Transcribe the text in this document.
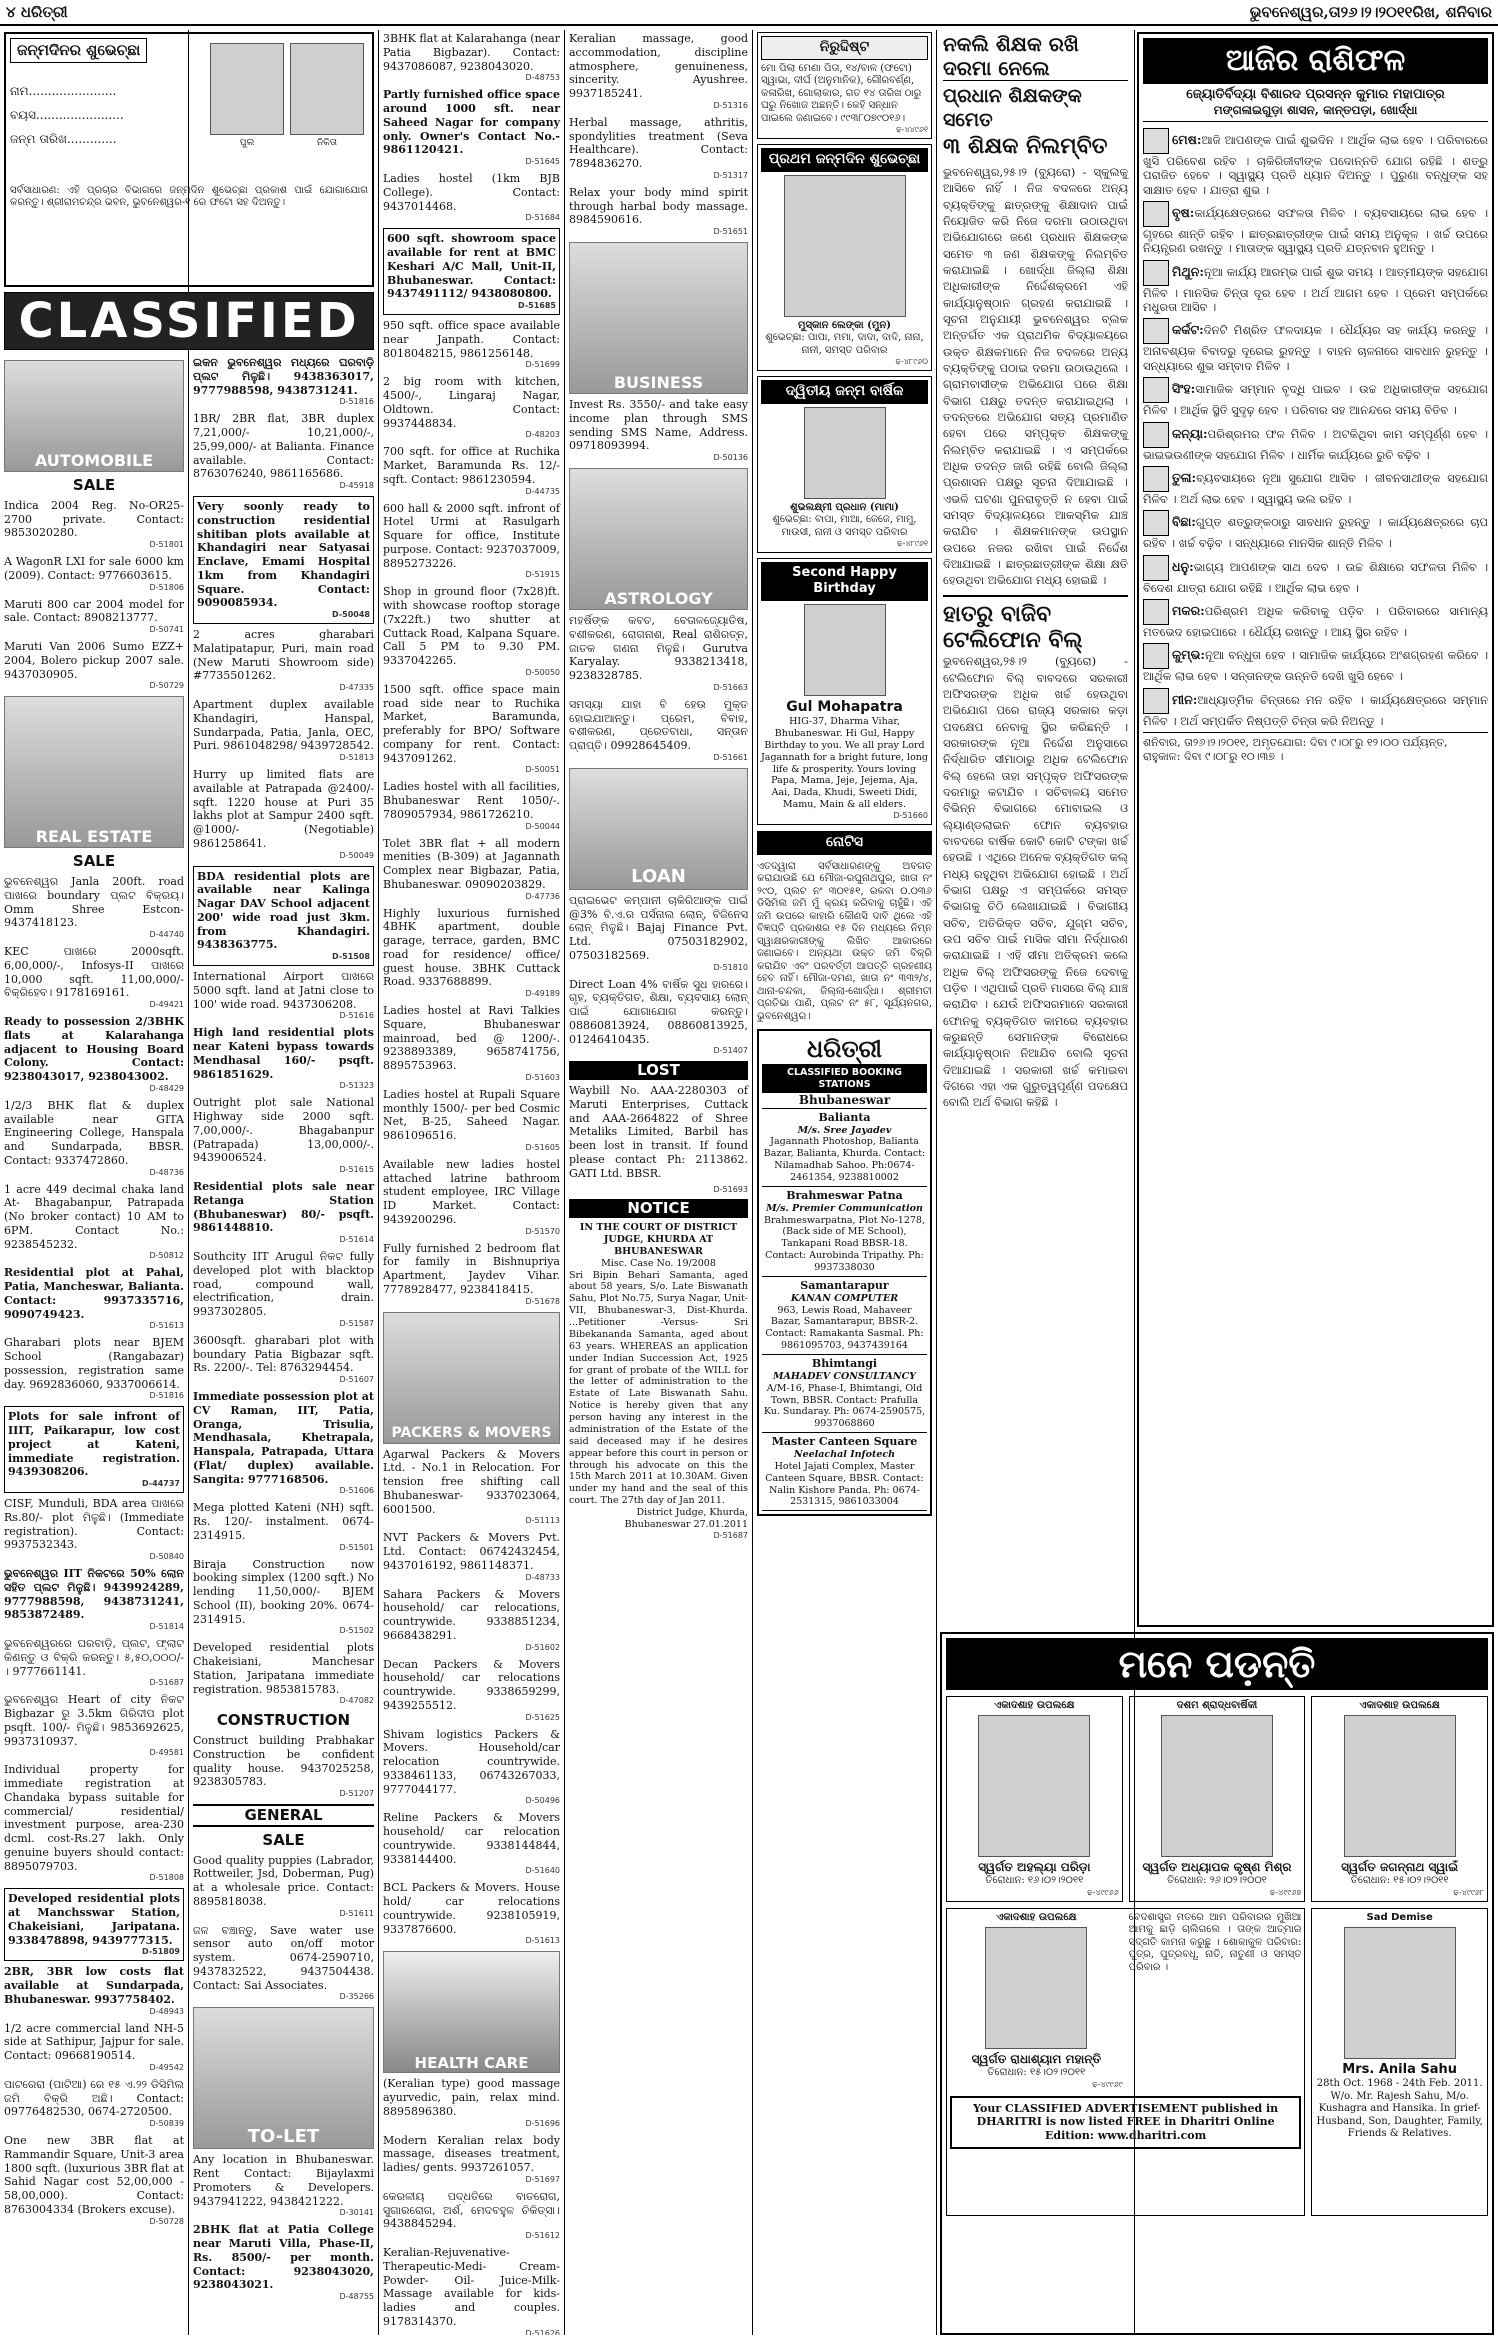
୪ ଧରିତ୍ରୀ	ଭୁବନେଶ୍ୱର,ତା୨୬।୨।୨୦୧୧ରିଖ, ଶନିବାର
ଜନ୍ମଦିନର ଶୁଭେଚ୍ଛା
ପୁଲ	ନିକିତା
ନାମ.......................
ବୟସ.......................
ଜନ୍ମ ତାରିଖ.............
ସର୍ବସାଧାରଣ: ଏହି ପ୍ରଚାର ବିଭାଗରେ ଜନ୍ମଦିନ ଶୁଭେଚ୍ଛା ପ୍ରକାଶ ପାଇଁ ଯୋଗାଯୋଗ କରନ୍ତୁ। ଶ୍ରୀରାମଚନ୍ଦ୍ର ଭବନ, ଭୁବନେଶ୍ୱର-୧ ରେ ଫଟୋ ସହ ଦିଅନ୍ତୁ।
CLASSIFIED
AUTOMOBILE
SALE
Indica 2004 Reg. No-OR25-2700 private. Contact: 9853020280.
D-51801
A WagonR LXI for sale 6000 km (2009). Contact: 9776603615.
D-51806
Maruti 800 car 2004 model for sale. Contact: 8908213777.
D-50741
Maruti Van 2006 Sumo EZZ+ 2004, Bolero pickup 2007 sale. 9437030905.
D-50729
REAL ESTATE
SALE
ଭୁବନେଶ୍ୱର Janla 200ft. road ପାଖରେ boundary ପ୍ଲଟ ବିକ୍ରୟ। Omm Shree Estcon- 9437418123.
D-44740
KEC ପାଖରେ 2000sqft. 6,00,000/-, Infosys-II ପାଖରେ 10,000 sqft. 11,00,000/- ବିକ୍ରିହେବ। 9178169161.
D-49421
Ready to possession 2/3BHK flats at Kalarahanga adjacent to Housing Board Colony. Contact: 9238043017, 9238043002.
D-48429
1/2/3 BHK flat & duplex available near GITA Engineering College, Hanspala and Sundarpada, BBSR. Contact: 9337472860.
D-48736
1 acre 449 decimal chaka land At- Bhagabanpur, Patrapada (No broker contact) 10 AM to 6PM. Contact No.: 9238545232.
D-50812
Residential plot at Pahal, Patia, Mancheswar, Balianta. Contact: 9937335716, 9090749423.
D-51613
Gharabari plots near BJEM School (Rangabazar) possession, registration same day. 9692836060, 9337006614.
D-51816
Plots for sale infront of IIIT, Paikarapur, low cost project at Kateni, immediate registration. 9439308206.
D-44737
CISF, Munduli, BDA area ପାଖରେ Rs.80/- plot ମିଳୁଛି। (Immediate registration). Contact: 9937532343.
D-50840
ଭୁବନେଶ୍ୱର IIT ନିକଟରେ 50% ଲୋନ ସହିତ ପ୍ଲଟ ମିଳୁଛି। 9439924289, 9777988598, 9438731241, 9853872489.
D-51814
ଭୁବନେଶ୍ୱରରେ ଘରବାଡ଼ି, ପ୍ଲଟ, ଫ୍ଲାଟ କିଣନ୍ତୁ ଓ ବିକ୍ରି କରନ୍ତୁ। ୫,୫୦,୦୦୦/- । 9777661141.
D-51687
ଭୁବନେଶ୍ୱର Heart of city ନିକଟ Bigbazar ରୁ 3.5km ଗିରିଦୀପ plot psqft. 100/- ମିଳୁଛି। 9853692625, 9937310937.
D-49581
Individual property for immediate registration at Chandaka bypass suitable for commercial/ residential/ investment purpose, area-230 dcml. cost-Rs.27 lakh. Only genuine buyers should contact: 8895079703.
D-51808
Developed residential plots at Manchsswar Station, Chakeisiani, Jaripatana. 9338478898, 9439777315.
D-51809
2BR, 3BR low costs flat available at Sundarpada, Bhubaneswar. 9937758402.
D-48943
1/2 acre commercial land NH-5 side at Sathipur, Jajpur for sale. Contact: 09668190514.
D-49542
ପାଟରେରା (ପାଟିଆ) ରେ ୧୫ ଏ.୨୨ ଡିସିମିଲ ଜମି ବିକ୍ରି ଅଛି। Contact: 09776482530, 0674-2720500.
D-50839
One new 3BR flat at Rammandir Square, Unit-3 area 1800 sqft. (luxurious 3BR flat at Sahid Nagar cost 52,00,000 - 58,00,000). Contact: 8763004334 (Brokers excuse).
D-50728
ଇକନ ଭୁବନେଶ୍ୱର ମଧ୍ୟରେ ଘରବାଡ଼ି ପ୍ଲଟ ମିଳୁଛି। 9438363017, 9777988598, 9438731241.
D-51816
1BR/ 2BR flat, 3BR duplex 7,21,000/- 10,21,000/-, 25,99,000/- at Balianta. Finance available. Contact: 8763076240, 9861165686.
D-45918
Very soonly ready to construction residential shitiban plots available at Khandagiri near Satyasai Enclave, Emami Hospital 1km from Khandagiri Square. Contact: 9090085934.
D-50048
2 acres gharabari Malatipatapur, Puri, main road (New Maruti Showroom side) #7735501262.
D-47335
Apartment duplex available Khandagiri, Hanspal, Sundarpada, Patia, Janla, OEC, Puri. 9861048298/ 9439728542.
D-51813
Hurry up limited flats are available at Patrapada @2400/- sqft. 1220 house at Puri 35 lakhs plot at Sampur 2400 sqft. @1000/- (Negotiable) 9861258641.
D-50049
BDA residential plots are available near Kalinga Nagar DAV School adjacent 200' wide road just 3km. from Khandagiri. 9438363775.
D-51508
International Airport ପାଖରେ 5000 sqft. land at Jatni close to 100' wide road. 9437306208.
D-51616
High land residential plots near Kateni bypass towards Mendhasal 160/- psqft. 9861851629.
D-51323
Outright plot sale National Highway side 2000 sqft. 7,00,000/-. Bhagabanpur (Patrapada) 13,00,000/-. 9439006524.
D-51615
Residential plots sale near Retanga Station (Bhubaneswar) 80/- psqft. 9861448810.
D-51614
Southcity IIT Arugul ନିକଟ fully developed plot with blacktop road, compound wall, electrification, drain. 9937302805.
D-51587
3600sqft. gharabari plot with boundary Patia Bigbazar sqft. Rs. 2200/-. Tel: 8763294454.
D-51607
Immediate possession plot at CV Raman, IIT, Patia, Oranga, Trisulia, Mendhasala, Khetrapala, Hanspala, Patrapada, Uttara (Flat/ duplex) available. Sangita: 9777168506.
D-51606
Mega plotted Kateni (NH) sqft. Rs. 120/- instalment. 0674-2314915.
D-51501
Biraja Construction now booking simplex (1200 sqft.) No lending 11,50,000/- BJEM School (II), booking 20%. 0674-2314915.
D-51502
Developed residential plots Chakeisiani, Manchesar Station, Jaripatana immediate registration. 9853815783.
D-47082
CONSTRUCTION
Construct building Prabhakar Construction be confident quality house. 9437025258, 9238305783.
D-51207
GENERAL
SALE
Good quality puppies (Labrador, Rottweiler, Jsd, Doberman, Pug) at a wholesale price. Contact: 8895818038.
D-51611
ଜଳ ବଞ୍ଚାନ୍ତୁ, Save water use sensor auto on/off motor system. 0674-2590710, 9437832522, 9437504438. Contact: Sai Associates.
D-35266
TO-LET
Any location in Bhubaneswar. Rent Contact: Bijaylaxmi Promoters & Developers. 9437941222, 9438421222.
D-30141
2BHK flat at Patia College near Maruti Villa, Phase-II, Rs. 8500/- per month. Contact: 9238043020, 9238043021.
D-48755
3BHK flat at Kalarahanga (near Patia Bigbazar). Contact: 9437086087, 9238043020.
D-48753
Partly furnished office space around 1000 sft. near Saheed Nagar for company only. Owner's Contact No.- 9861120421.
D-51645
Ladies hostel (1km BJB College). Contact: 9437014468.
D-51684
600 sqft. showroom space available for rent at BMC Keshari A/C Mall, Unit-II, Bhubaneswar. Contact: 9437491112/ 9438080800.
D-51685
950 sqft. office space available near Janpath. Contact: 8018048215, 9861256148.
D-51699
2 big room with kitchen, 4500/-, Lingaraj Nagar, Oldtown. Contact: 9937448834.
D-48203
700 sqft. for office at Ruchika Market, Baramunda Rs. 12/- sqft. Contact: 9861230594.
D-44735
600 hall & 2000 sqft. infront of Hotel Urmi at Rasulgarh Square for office, Institute purpose. Contact: 9237037009, 8895273226.
D-51915
Shop in ground floor (7x28)ft. with showcase rooftop storage (7x22ft.) two shutter at Cuttack Road, Kalpana Square. Call 5 PM to 9.30 PM. 9337042265.
D-50050
1500 sqft. office space main road side near to Ruchika Market, Baramunda, preferably for BPO/ Software company for rent. Contact: 9437091262.
D-50051
Ladies hostel with all facilities, Bhubaneswar Rent 1050/-. 7809057934, 9861726210.
D-50044
Tolet 3BR flat + all modern menities (B-309) at Jagannath Complex near Bigbazar, Patia, Bhubaneswar. 09090203829.
D-47736
Highly luxurious furnished 4BHK apartment, double garage, terrace, garden, BMC road for residence/ office/ guest house. 3BHK Cuttack Road. 9337688899.
D-49189
Ladies hostel at Ravi Talkies Square, Bhubaneswar mainroad, bed @ 1200/-. 9238893389, 9658741756, 8895753963.
D-51603
Ladies hostel at Rupali Square monthly 1500/- per bed Cosmic Net, B-25, Saheed Nagar. 9861096516.
D-51605
Available new ladies hostel attached latrine bathroom student employee, IRC Village ID Market. Contact: 9439200296.
D-51570
Fully furnished 2 bedroom flat for family in Bishnupriya Apartment, Jaydev Vihar. 7778928477, 9238418415.
D-51678
PACKERS & MOVERS
Agarwal Packers & Movers Ltd. - No.1 in Relocation. For tension free shifting call Bhubaneswar- 9337023064, 6001500.
D-51113
NVT Packers & Movers Pvt. Ltd. Contact: 06742432454, 9437016192, 9861148371.
D-48733
Sahara Packers & Movers household/ car relocations, countrywide. 9338851234, 9668438291.
D-51602
Decan Packers & Movers household/ car relocations countrywide. 9338659299, 9439255512.
D-51625
Shivam logistics Packers & Movers. Household/car relocation countrywide. 9338461133, 06743267033, 9777044177.
D-50496
Reline Packers & Movers household/ car relocation countrywide. 9338144844, 9338144400.
D-51640
BCL Packers & Movers. House hold/ car relocations countrywide. 9238105919, 9337876600.
D-51613
HEALTH CARE
(Keralian type) good massage ayurvedic, pain, relax mind. 8895896380.
D-51696
Modern Keralian relax body massage, diseases treatment, ladies/ gents. 9937261057.
D-51697
କେରଳୀୟ ପଦ୍ଧତିରେ ବାତରୋଗ, ସୁଗାରରୋଗ, ଅର୍ଶ, ମେଦବହୁଳ ଚିକିତ୍ସା। 9438845294.
D-51612
Keralian-Rejuvenative-Therapeutic-Medi- Cream- Powder- Oil- Juice-Milk- Massage available for kids-ladies and couples. 9178314370.
D-51626
Keralian massage, good accommodation, discipline atmosphere, genuineness, sincerity. Ayushree. 9937185241.
D-51316
Herbal massage, athritis, spondylities treatment (Seva Healthcare). Contact: 7894836270.
D-51317
Relax your body mind spirit through harbal body massage. 8984590616.
D-51651
BUSINESS
Invest Rs. 3550/- and take easy income plan through SMS sending SMS Name, Address. 09718093994.
D-50136
ASTROLOGY
ମହର୍ଷିଙ୍କ କବଚ, ବେତାଳଜ୍ୟୋତିଷ, ବଶୀକରଣ, ରୋଗନାଶ, Real ରାଶିରତ୍ନ, ଜାତକ ଗଣନା ମିଳୁଛି। Gurutva Karyalay. 9338213418, 9238328785.
D-51663
ସମସ୍ୟା ଯାହା ବି ହେଉ ମୁକ୍ତ ହୋଇଯାଆନ୍ତୁ। ପ୍ରେମ, ବିବାହ, ବଶୀକରଣ, ପ୍ରେତବାଧା, ସନ୍ତାନ ପ୍ରାପ୍ତି। 09928645409.
D-51661
LOAN
ପ୍ରାଇଭେଟ କମ୍ପାନୀ ଚାକିରିଆଙ୍କ ପାଇଁ @3% ବି.ଏ.ର ପର୍ସନାଲ ଲୋନ୍, ବିଜିନେସ ଲୋନ୍ ମିଳୁଛି। Bajaj Finance Pvt. Ltd. 07503182902, 07503182569.
D-51810
Direct Loan 4% ବାର୍ଷିକ ସୁଧ ହାରରେ। ଗୃହ, ବ୍ୟକ୍ତିଗତ, ଶିକ୍ଷା, ବ୍ୟବସାୟ ଲୋନ୍ ପାଇଁ ଯୋଗାଯୋଗ କରନ୍ତୁ। 08860813924, 08860813925, 01246410435.
D-51407
LOST
Waybill No. AAA-2280303 of Maruti Enterprises, Cuttack and AAA-2664822 of Shree Metaliks Limited, Barbil has been lost in transit. If found please contact Ph: 2113862. GATI Ltd. BBSR.
D-51693
NOTICE
IN THE COURT OF DISTRICT JUDGE, KHURDA AT BHUBANESWAR
Misc. Case No. 19/2008
Sri Bipin Behari Samanta, aged about 58 years, S/o. Late Biswanath Sahu, Plot No.75, Surya Nagar, Unit-VII, Bhubaneswar-3, Dist-Khurda. ...Petitioner -Versus- Sri Bibekananda Samanta, aged about 63 years. WHEREAS an application under Indian Succession Act, 1925 for grant of probate of the WILL for the letter of administration to the Estate of Late Biswanath Sahu. Notice is hereby given that any person having any interest in the administration of the Estate of the said deceased may if he desires appear before this court in person or through his advocate on this the 15th March 2011 at 10.30AM. Given under my hand and the seal of this court. The 27th day of Jan 2011.
District Judge, Khurda, Bhubaneswar 27.01.2011
D-51687
ନିରୁଦ୍ଦିଷ୍ଟ
ମୋ ପିଲା ମେଣା ପିତା, ୧୪/ବାଳ (ଫଟୋ) ସ୍ୱାଭା, ଦୀର୍ଘ (ଅନୁମାନିକ), ଗୌରବର୍ଣ୍ଣ, କଳାରିଖ, ଗୋଲାକାର, ଗତ ୧୪ ତାରିଖ ଠାରୁ ଘରୁ ନିଖୋଜ ଅଛନ୍ତି। କେହି ସନ୍ଧାନ ପାଇଲେ ଜଣାଇବେ। ୯୯୩୮୦୭୯୦୧୬।
ଢ-୪୪୯୬୧
ପ୍ରଥମ ଜନ୍ମଦିନ ଶୁଭେଚ୍ଛା
ମୁସ୍କାନ ଲେଙ୍କା (ମୁନ)
ଶୁଭେଚ୍ଛା: ପାପା, ମମା, ଦାଦା, ଦାଦି, ନାନା, ନାନୀ, ସମସ୍ତ ପରିବାର
ଢ-୪୮୯୬୦
ଦ୍ୱିତୀୟ ଜନ୍ମ ବାର୍ଷିକ
ଶୁଭଲକ୍ଷ୍ମୀ ପ୍ରଧାନ (ମାମା)
ଶୁଭେଚ୍ଛା: ବାପା, ମାଆ, ଜେଜେ, ମାମୁ, ମାଉସୀ, ନାନୀ ଓ ସମସ୍ତ ପରିବାର
ଢ-୪୮୯୬୧
Second Happy Birthday
Gul Mohapatra
HIG-37, Dharma Vihar, Bhubaneswar. Hi Gul, Happy Birthday to you. We all pray Lord Jagannath for a bright future, long life & prosperity. Yours loving Papa, Mama, Jeje, Jejema, Aja, Aai, Dada, Khudi, Sweeti Didi, Mamu, Main & all elders.
D-51660
ନୋଟିସ
ଏତଦ୍ୱାରା ସର୍ବସାଧାରଣଙ୍କୁ ଅବଗତ କରାଯାଉଛି ଯେ ମୌଜା-ରଘୁନାଥପୁର, ଖାତା ନଂ ୨୯୦, ପ୍ଲଟ ନଂ ୩୦୧୫୧, ରକବା ୦.୦୩୬ ଡିସିମିଲ ଜମି ମୁଁ କ୍ରୟ କରିବାକୁ ଚାହୁଁଛି। ଏହି ଜମି ଉପରେ କାହାରି କୌଣସି ଦାବି ଥିଲେ ଏହି ବିଜ୍ଞପ୍ତି ପ୍ରକାଶର ୧୫ ଦିନ ମଧ୍ୟରେ ନିମ୍ନ ସ୍ୱାକ୍ଷରକାରୀଙ୍କୁ ଲିଖିତ ଆକାରରେ ଜଣାଇବେ। ଅନ୍ୟଥା ଉକ୍ତ ଜମି ବିକ୍ରି କରାଯିବ ଏବଂ ପରବର୍ତ୍ତୀ ଆପତ୍ତି ଗ୍ରହଣୀୟ ହେବ ନାହିଁ। ମୌଜା-ଦମଣ, ଖାତା ନଂ ୩୩୨/୪, ଥାନା-ଚନ୍ଦକା, ଜିଲ୍ଲା-ଖୋର୍ଦ୍ଧା। ଶ୍ରୀମତୀ ପ୍ରତିଭା ପାଣି, ପ୍ଲଟ ନଂ ୫୮, ସୂର୍ଯ୍ୟନଗର, ଭୁବନେଶ୍ୱର।
ଧରିତ୍ରୀ
CLASSIFIED BOOKING STATIONS
Bhubaneswar
Balianta
M/s. Sree Jayadev
Jagannath Photoshop, Balianta Bazar, Balianta, Khurda. Contact: Nilamadhab Sahoo. Ph:0674-2461354, 9238810002
Brahmeswar Patna
M/s. Premier Communication
Brahmeswarpatna, Plot No-1278, (Back side of ME School), Tankapani Road BBSR-18. Contact: Aurobinda Tripathy. Ph: 9937338030
Samantarapur
KANAN COMPUTER
963, Lewis Road, Mahaveer Bazar, Samantarapur, BBSR-2. Contact: Ramakanta Sasmal. Ph: 9861095703, 9437439164
Bhimtangi
MAHADEV CONSULTANCY
A/M-16, Phase-I, Bhimtangi, Old Town, BBSR. Contact: Prafulla Ku. Sundaray. Ph: 0674-2590575, 9937068860
Master Canteen Square
Neelachal Infotech
Hotel Jajati Complex, Master Canteen Square, BBSR. Contact: Nalin Kishore Panda. Ph: 0674-2531315, 9861033004
ନକଲି ଶିକ୍ଷକ ରଖି ଦରମା ନେଲେ
ପ୍ରଧାନ ଶିକ୍ଷକଙ୍କ ସମେତ
୩ ଶିକ୍ଷକ ନିଲମ୍ବିତ
ଭୁବନେଶ୍ୱର,୨୫।୨ (ବ୍ୟୁରୋ) - ସ୍କୁଲକୁ ଆସିବେ ନାହିଁ । ନିଜ ବଦଳରେ ଅନ୍ୟ ବ୍ୟକ୍ତିଙ୍କୁ ଛାତ୍ରଙ୍କୁ ଶିକ୍ଷାଦାନ ପାଇଁ ନିୟୋଜିତ କରି ନିଜେ ଦରମା ଉଠାଉଥିବା ଅଭିଯୋଗରେ ଜଣେ ପ୍ରଧାନ ଶିକ୍ଷକଙ୍କ ସମେତ ୩ ଜଣ ଶିକ୍ଷକଙ୍କୁ ନିଲମ୍ବିତ କରାଯାଇଛି । ଖୋର୍ଦ୍ଧା ଜିଲ୍ଲା ଶିକ୍ଷା ଅଧିକାରୀଙ୍କ ନିର୍ଦ୍ଦେଶକ୍ରମେ ଏହି କାର୍ଯ୍ୟାନୁଷ୍ଠାନ ଗ୍ରହଣ କରାଯାଇଛି । ସୂଚନା ଅନୁଯାୟୀ ଭୁବନେଶ୍ୱର ବ୍ଲକ ଅନ୍ତର୍ଗତ ଏକ ପ୍ରାଥମିକ ବିଦ୍ୟାଳୟରେ ଉକ୍ତ ଶିକ୍ଷକମାନେ ନିଜ ବଦଳରେ ଅନ୍ୟ ବ୍ୟକ୍ତିଙ୍କୁ ପଠାଇ ଦରମା ଉଠାଉଥିଲେ । ଗ୍ରାମବାସୀଙ୍କ ଅଭିଯୋଗ ପରେ ଶିକ୍ଷା ବିଭାଗ ପକ୍ଷରୁ ତଦନ୍ତ କରାଯାଇଥିଲା । ତଦନ୍ତରେ ଅଭିଯୋଗ ସତ୍ୟ ପ୍ରମାଣିତ ହେବା ପରେ ସମ୍ପୃକ୍ତ ଶିକ୍ଷକଙ୍କୁ ନିଲମ୍ବିତ କରାଯାଇଛି । ଏ ସମ୍ପର୍କରେ ଅଧିକ ତଦନ୍ତ ଜାରି ରହିଛି ବୋଲି ଜିଲ୍ଲା ପ୍ରଶାସନ ପକ୍ଷରୁ ସୂଚନା ଦିଆଯାଇଛି । ଏଭଳି ଘଟଣା ପୁନରାବୃତ୍ତି ନ ହେବା ପାଇଁ ସମସ୍ତ ବିଦ୍ୟାଳୟରେ ଆକସ୍ମିକ ଯାଞ୍ଚ କରାଯିବ । ଶିକ୍ଷକମାନଙ୍କ ଉପସ୍ଥାନ ଉପରେ ନଜର ରଖିବା ପାଇଁ ନିର୍ଦ୍ଦେଶ ଦିଆଯାଇଛି । ଛାତ୍ରଛାତ୍ରୀଙ୍କ ଶିକ୍ଷା କ୍ଷତି ହେଉଥିବା ଅଭିଯୋଗ ମଧ୍ୟ ହୋଇଛି ।
ହାତରୁ ବାଜିବ ଟେଲିଫୋନ ବିଲ୍
ଭୁବନେଶ୍ୱର,୨୫।୨ (ବ୍ୟୁରୋ) - ଟେଲିଫୋନ ବିଲ୍ ବାବଦରେ ସରକାରୀ ଅଫିସରଙ୍କ ଅଧିକ ଖର୍ଚ୍ଚ ହେଉଥିବା ଅଭିଯୋଗ ପରେ ରାଜ୍ୟ ସରକାର କଡ଼ା ପଦକ୍ଷେପ ନେବାକୁ ସ୍ଥିର କରିଛନ୍ତି । ସରକାରଙ୍କ ନୂଆ ନିର୍ଦ୍ଦେଶ ଅନୁସାରେ ନିର୍ଦ୍ଧାରିତ ସୀମାଠାରୁ ଅଧିକ ଟେଲିଫୋନ ବିଲ୍ ହେଲେ ତାହା ସମ୍ପୃକ୍ତ ଅଫିସରଙ୍କ ଦରମାରୁ କଟାଯିବ । ସଚିବାଳୟ ସମେତ ବିଭିନ୍ନ ବିଭାଗରେ ମୋବାଇଲ ଓ ଲ୍ୟାଣ୍ଡଲାଇନ ଫୋନ ବ୍ୟବହାର ବାବଦରେ ବାର୍ଷିକ କୋଟି କୋଟି ଟଙ୍କା ଖର୍ଚ୍ଚ ହେଉଛି । ଏଥିରେ ଅନେକ ବ୍ୟକ୍ତିଗତ କଲ୍ ମଧ୍ୟ ରହୁଥିବା ଅଭିଯୋଗ ହୋଇଛି । ଅର୍ଥ ବିଭାଗ ପକ୍ଷରୁ ଏ ସମ୍ପର୍କରେ ସମସ୍ତ ବିଭାଗକୁ ଚିଠି ଲେଖାଯାଇଛି । ବିଭାଗୀୟ ସଚିବ, ଅତିରିକ୍ତ ସଚିବ, ଯୁଗ୍ମ ସଚିବ, ଉପ ସଚିବ ପାଇଁ ମାସିକ ସୀମା ନିର୍ଦ୍ଧାରଣ କରାଯାଇଛି । ଏହି ସୀମା ଅତିକ୍ରମ କଲେ ଅଧିକ ବିଲ୍ ଅଫିସରଙ୍କୁ ନିଜେ ଦେବାକୁ ପଡ଼ିବ । ଏଥିପାଇଁ ପ୍ରତି ମାସରେ ବିଲ୍ ଯାଞ୍ଚ କରାଯିବ । ଯେଉଁ ଅଫିସରମାନେ ସରକାରୀ ଫୋନକୁ ବ୍ୟକ୍ତିଗତ କାମରେ ବ୍ୟବହାର କରୁଛନ୍ତି ସେମାନଙ୍କ ବିରୋଧରେ କାର୍ଯ୍ୟାନୁଷ୍ଠାନ ନିଆଯିବ ବୋଲି ସୂଚନା ଦିଆଯାଇଛି । ସରକାରୀ ଖର୍ଚ୍ଚ କମାଇବା ଦିଗରେ ଏହା ଏକ ଗୁରୁତ୍ୱପୂର୍ଣ୍ଣ ପଦକ୍ଷେପ ବୋଲି ଅର୍ଥ ବିଭାଗ କହିଛି ।
ଆଜିର ରାଶିଫଳ
ଜ୍ୟୋତିର୍ବିଦ୍ୟା ବିଶାରଦ ପ୍ରସନ୍ନ କୁମାର ମହାପାତ୍ର
ମଙ୍ଗଳାଇଗୁଡ଼ା ଶାସନ, କାନ୍ତପଡ଼ା, ଖୋର୍ଦ୍ଧା
ମେଷ:ଆଜି ଆପଣଙ୍କ ପାଇଁ ଶୁଭଦିନ । ଆର୍ଥିକ ଲାଭ ହେବ । ପରିବାରରେ ଖୁସି ପରିବେଶ ରହିବ । ଚାକିରିଜୀବୀଙ୍କ ପଦୋନ୍ନତି ଯୋଗ ରହିଛି । ଶତ୍ରୁ ପରାଜିତ ହେବେ । ସ୍ୱାସ୍ଥ୍ୟ ପ୍ରତି ଧ୍ୟାନ ଦିଅନ୍ତୁ । ପୁରୁଣା ବନ୍ଧୁଙ୍କ ସହ ସାକ୍ଷାତ ହେବ । ଯାତ୍ରା ଶୁଭ ।
ବୃଷ:କାର୍ଯ୍ୟକ୍ଷେତ୍ରରେ ସଫଳତା ମିଳିବ । ବ୍ୟବସାୟରେ ଲାଭ ହେବ । ଗୃହରେ ଶାନ୍ତି ରହିବ । ଛାତ୍ରଛାତ୍ରୀଙ୍କ ପାଇଁ ସମୟ ଅନୁକୂଳ । ଖର୍ଚ୍ଚ ଉପରେ ନିୟନ୍ତ୍ରଣ ରଖନ୍ତୁ । ମାତାଙ୍କ ସ୍ୱାସ୍ଥ୍ୟ ପ୍ରତି ଯତ୍ନବାନ ହୁଅନ୍ତୁ ।
ମିଥୁନ:ନୂଆ କାର୍ଯ୍ୟ ଆରମ୍ଭ ପାଇଁ ଶୁଭ ସମୟ । ଆତ୍ମୀୟଙ୍କ ସହଯୋଗ ମିଳିବ । ମାନସିକ ଚିନ୍ତା ଦୂର ହେବ । ଅର୍ଥ ଆଗମ ହେବ । ପ୍ରେମ ସମ୍ପର୍କରେ ମଧୁରତା ଆସିବ ।
କର୍କଟ:ଦିନଟି ମିଶ୍ରିତ ଫଳଦାୟକ । ଧୈର୍ଯ୍ୟର ସହ କାର୍ଯ୍ୟ କରନ୍ତୁ । ଅନାବଶ୍ୟକ ବିବାଦରୁ ଦୂରେଇ ରୁହନ୍ତୁ । ବାହନ ଚାଳନାରେ ସାବଧାନ ରୁହନ୍ତୁ । ସନ୍ଧ୍ୟାରେ ଶୁଭ ସମ୍ବାଦ ମିଳିବ ।
ସିଂହ:ସାମାଜିକ ସମ୍ମାନ ବୃଦ୍ଧି ପାଇବ । ଉଚ୍ଚ ଅଧିକାରୀଙ୍କ ସହଯୋଗ ମିଳିବ । ଆର୍ଥିକ ସ୍ଥିତି ସୁଦୃଢ଼ ହେବ । ପରିବାର ସହ ଆନନ୍ଦରେ ସମୟ ବିତିବ ।
କନ୍ୟା:ପରିଶ୍ରମର ଫଳ ମିଳିବ । ଅଟକିଥିବା କାମ ସମ୍ପୂର୍ଣ୍ଣ ହେବ । ଭାଇଭଉଣୀଙ୍କ ସହଯୋଗ ମିଳିବ । ଧାର୍ମିକ କାର୍ଯ୍ୟରେ ରୁଚି ବଢ଼ିବ ।
ତୁଳା:ବ୍ୟବସାୟରେ ନୂଆ ସୁଯୋଗ ଆସିବ । ଜୀବନସାଥୀଙ୍କ ସହଯୋଗ ମିଳିବ । ଅର୍ଥ ଲାଭ ହେବ । ସ୍ୱାସ୍ଥ୍ୟ ଭଲ ରହିବ ।
ବିଛା:ଗୁପ୍ତ ଶତ୍ରୁଙ୍କଠାରୁ ସାବଧାନ ରୁହନ୍ତୁ । କାର୍ଯ୍ୟକ୍ଷେତ୍ରରେ ଚାପ ରହିବ । ଖର୍ଚ୍ଚ ବଢ଼ିବ । ସନ୍ଧ୍ୟାରେ ମାନସିକ ଶାନ୍ତି ମିଳିବ ।
ଧନୁ:ଭାଗ୍ୟ ଆପଣଙ୍କ ସାଥ ଦେବ । ଉଚ୍ଚ ଶିକ୍ଷାରେ ସଫଳତା ମିଳିବ । ବିଦେଶ ଯାତ୍ରା ଯୋଗ ରହିଛି । ଆର୍ଥିକ ଲାଭ ହେବ ।
ମକର:ପରିଶ୍ରମ ଅଧିକ କରିବାକୁ ପଡ଼ିବ । ପରିବାରରେ ସାମାନ୍ୟ ମତଭେଦ ହୋଇପାରେ । ଧୈର୍ଯ୍ୟ ରଖନ୍ତୁ । ଆୟ ସ୍ଥିର ରହିବ ।
କୁମ୍ଭ:ନୂଆ ବନ୍ଧୁତା ହେବ । ସାମାଜିକ କାର୍ଯ୍ୟରେ ଅଂଶଗ୍ରହଣ କରିବେ । ଆର୍ଥିକ ଲାଭ ହେବ । ସନ୍ତାନଙ୍କ ଉନ୍ନତି ଦେଖି ଖୁସି ହେବେ ।
ମୀନ:ଆଧ୍ୟାତ୍ମିକ ଚିନ୍ତାରେ ମନ ରହିବ । କାର୍ଯ୍ୟକ୍ଷେତ୍ରରେ ସମ୍ମାନ ମିଳିବ । ଅର୍ଥ ସମ୍ପର୍କିତ ନିଷ୍ପତ୍ତି ଚିନ୍ତା କରି ନିଅନ୍ତୁ ।
ଶନିବାର, ତା୨୬।୨।୨୦୧୧, ଅମୃତଯୋଗ: ଦିବା ୯।୦୮ରୁ ୧୨।୦୦ ପର୍ଯ୍ୟନ୍ତ, ରାହୁକାଳ: ଦିବା ୯।୦୮ରୁ ୧୦।୩୭ ।
ମନେ ପଡ଼ନ୍ତି
ଏକାଦଶାହ ଉପଲକ୍ଷେ
ସ୍ୱର୍ଗତ ଅହଲ୍ୟା ପରିଡ଼ା
ତିରୋଧାନ: ୧୬।୦୨।୨୦୧୧
ଢ-୪୯୯୬୬
ଦଶମ ଶ୍ରାଦ୍ଧବାର୍ଷିକୀ
ସ୍ୱର୍ଗତ ଅଧ୍ୟାପକ କୃଷ୍ଣ ମିଶ୍ର
ତିରୋଧାନ: ୨୬।୦୨।୨୦୦୧
ଢ-୪୯୯୬୭
ଏକାଦଶାହ ଉପଲକ୍ଷେ
ସ୍ୱର୍ଗତ ଜଗନ୍ନାଥ ସ୍ୱାଇଁ
ତିରୋଧାନ: ୧୫।୦୨।୨୦୧୧
ଢ-୪୯୯୬୮
ଏକାଦଶାହ ଉପଲକ୍ଷେ
ସ୍ୱର୍ଗତ ରାଧାଶ୍ୟାମ ମହାନ୍ତି
ତିରୋଧାନ: ୧୫।୦୨।୨୦୧୧
ଢ-୪୯୯୬୯
ବେଦଶାସ୍ତ୍ର ମତରେ ଆମ ପରିବାରର ମୁଖିଆ ଆମକୁ ଛାଡ଼ି ଚାଲିଗଲେ । ତାଙ୍କ ଆତ୍ମାର ସଦ୍‌ଗତି କାମନା କରୁଛୁ । ଶୋକାକୁଳ ପରିବାର: ପୁତ୍ର, ପୁତ୍ରବଧୂ, ନାତି, ନାତୁଣୀ ଓ ସମସ୍ତ ପରିବାର ।
Your CLASSIFIED ADVERTISEMENT published in DHARITRI is now listed FREE in Dharitri Online Edition: www.dharitri.com
Sad Demise
Mrs. Anila Sahu
28th Oct. 1968 - 24th Feb. 2011. W/o. Mr. Rajesh Sahu, M/o. Kushagra and Hansika. In grief- Husband, Son, Daughter, Family, Friends & Relatives.
